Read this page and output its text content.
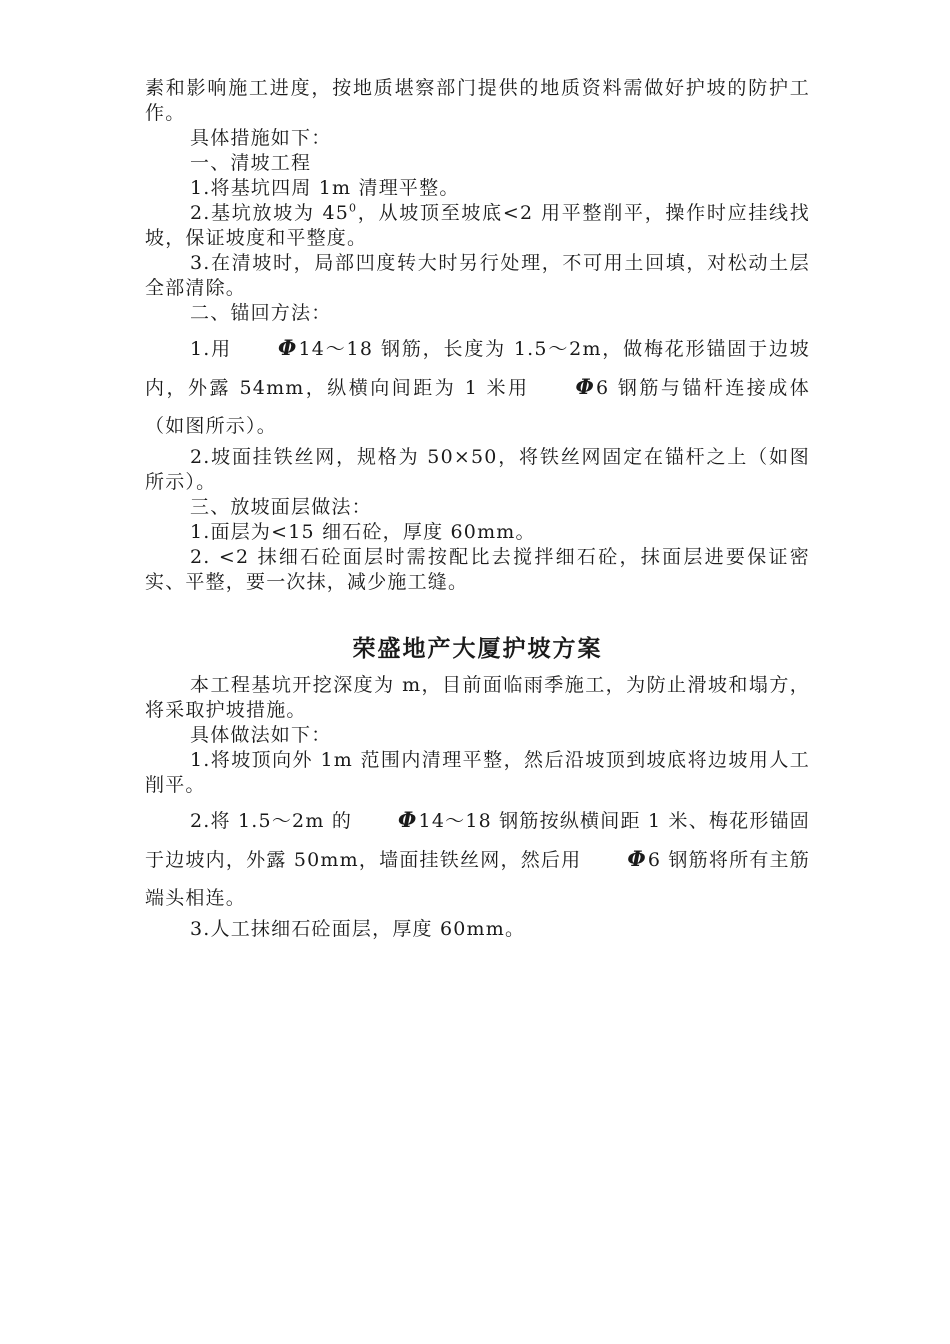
素和影响施工进度，按地质堪察部门提供的地质资料需做好护坡的防护工作。

具体措施如下：

一、清坡工程

1.将基坑四周 1m 清理平整。

2.基坑放坡为 $45^0$，从坡顶至坡底<2 用平整削平，操作时应挂线找坡，保证坡度和平整度。

3.在清坡时，局部凹度转大时另行处理，不可用土回填，对松动土层全部清除。

二、锚回方法：

1.用 Φ14～18 钢筋，长度为 1.5～2m，做梅花形锚固于边坡内，外露 54mm，纵横向间距为 1 米用 Φ6 钢筋与锚杆连接成体（如图所示）。

2.坡面挂铁丝网，规格为 50×50，将铁丝网固定在锚杆之上（如图所示）。

三、放坡面层做法：

1.面层为<15 细石砼，厚度 60mm。

2. <2 抹细石砼面层时需按配比去搅拌细石砼，抹面层进要保证密实、平整，要一次抹，减少施工缝。

荣盛地产大厦护坡方案

本工程基坑开挖深度为 m，目前面临雨季施工，为防止滑坡和塌方，将采取护坡措施。

具体做法如下：

1.将坡顶向外 1m 范围内清理平整，然后沿坡顶到坡底将边坡用人工削平。

2.将 1.5～2m 的 Φ14～18 钢筋按纵横间距 1 米、梅花形锚固于边坡内，外露 50mm，墙面挂铁丝网，然后用 Φ6 钢筋将所有主筋端头相连。

3.人工抹细石砼面层，厚度 60mm。
